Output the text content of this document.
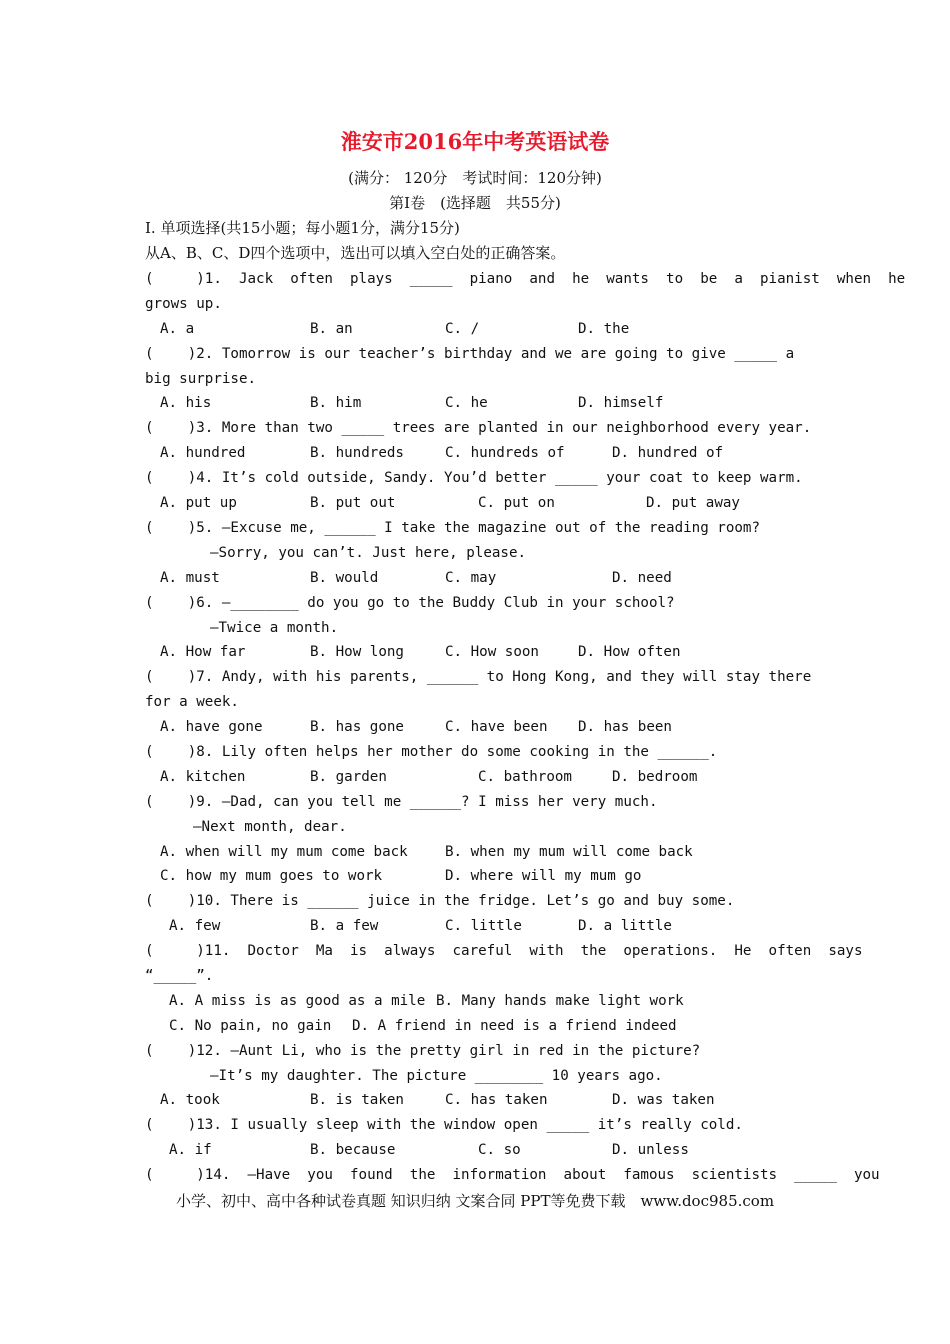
淮安市2016年中考英语试卷
(满分： 120分　考试时间：120分钟)
第Ⅰ卷　(选择题　共55分)
Ⅰ. 单项选择(共15小题；每小题1分，满分15分)
从A、B、C、D四个选项中，选出可以填入空白处的正确答案。
(     )1.  Jack  often  plays  _____  piano  and  he  wants  to  be  a  pianist  when  he
grows up.
A. a	B. an	C. /	D. the
(    )2. Tomorrow is our teacher’s birthday and we are going to give _____ a
big surprise.
A. his	B. him	C. he	D. himself
(    )3. More than two _____ trees are planted in our neighborhood every year.
A. hundred	B. hundreds	C. hundreds of	D. hundred of
(    )4. It’s cold outside, Sandy. You’d better _____ your coat to keep warm.
A. put up	B. put out	C. put on	D. put away
(    )5. —Excuse me, ______ I take the magazine out of the reading room?
—Sorry, you can’t. Just here, please.
A. must	B. would	C. may	D. need
(    )6. —________ do you go to the Buddy Club in your school?
—Twice a month.
A. How far	B. How long	C. How soon	D. How often
(    )7. Andy, with his parents, ______ to Hong Kong, and they will stay there
for a week.
A. have gone	B. has gone	C. have been D. has been
(    )8. Lily often helps her mother do some cooking in the ______.
A. kitchen	B. garden	C. bathroom	D. bedroom
(    )9. —Dad, can you tell me ______? I miss her very much.
—Next month, dear.
A. when will my mum come back	B. when my mum will come back
C. how my mum goes to work	D. where will my mum go
(    )10. There is ______ juice in the fridge. Let’s go and buy some.
A. few	B. a few	C. little	D. a little
(     )11.  Doctor  Ma  is  always  careful  with  the  operations.  He  often  says
“_____”.
A. A miss is as good as a mile B. Many hands make light work
C. No pain, no gain D. A friend in need is a friend indeed
(    )12. —Aunt Li, who is the pretty girl in red in the picture?
—It’s my daughter. The picture ________ 10 years ago.
A. took	B. is taken	C. has taken	D. was taken
(    )13. I usually sleep with the window open _____ it’s really cold.
A. if	B. because	C. so	D. unless
(     )14.  —Have  you  found  the  information  about  famous  scientists  _____  you
小学、初中、高中各种试卷真题 知识归纳 文案合同 PPT等免费下载　www.doc985.com
